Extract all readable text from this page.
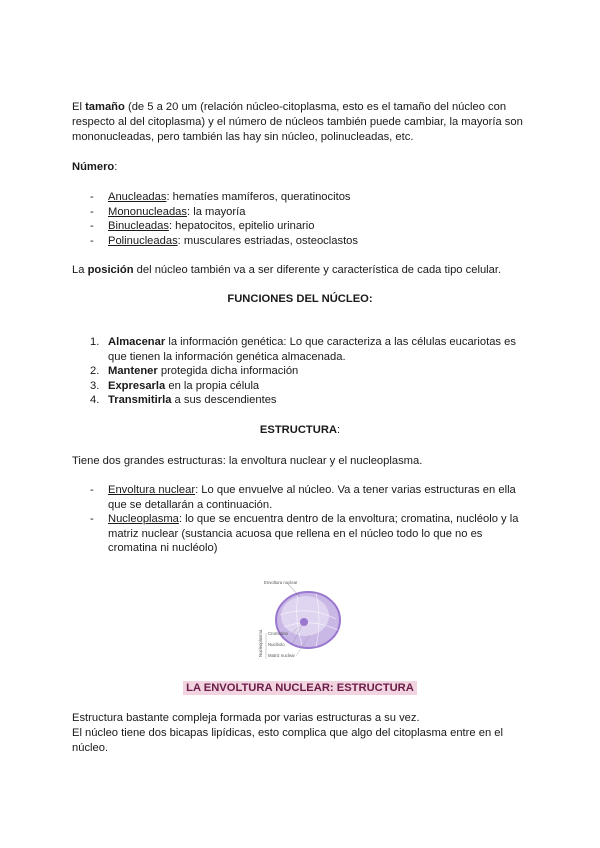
El tamaño (de 5 a 20 um (relación núcleo-citoplasma, esto es el tamaño del núcleo con respecto al del citoplasma) y el número de núcleos también puede cambiar, la mayoría son mononucleadas, pero también las hay sin núcleo, polinucleadas, etc.

Número:

- Anucleadas: hematíes mamíferos, queratinocitos
- Mononucleadas: la mayoría
- Binucleadas: hepatocitos, epitelio urinario
- Polinucleadas: musculares estriadas, osteoclastos

La posición del núcleo también va a ser diferente y característica de cada tipo celular.

FUNCIONES DEL NÚCLEO:

1. Almacenar la información genética: Lo que caracteriza a las células eucariotas es que tienen la información genética almacenada.
2. Mantener protegida dicha información
3. Expresarla en la propia célula
4. Transmitirla a sus descendientes

ESTRUCTURA:

Tiene dos grandes estructuras: la envoltura nuclear y el nucleoplasma.

- Envoltura nuclear: Lo que envuelve al núcleo. Va a tener varias estructuras en ella que se detallarán a continuación.
- Nucleoplasma: lo que se encuentra dentro de la envoltura; cromatina, nucléolo y la matriz nuclear (sustancia acuosa que rellena en el núcleo todo lo que no es cromatina ni nucléolo)
Envoltura nuclear
Nucleoplasma Cromatina
Nucléolo
Matriz nuclear

LA ENVOLTURA NUCLEAR: ESTRUCTURA

Estructura bastante compleja formada por varias estructuras a su vez.

El núcleo tiene dos bicapas lipídicas, esto complica que algo del citoplasma entre en el núcleo.
